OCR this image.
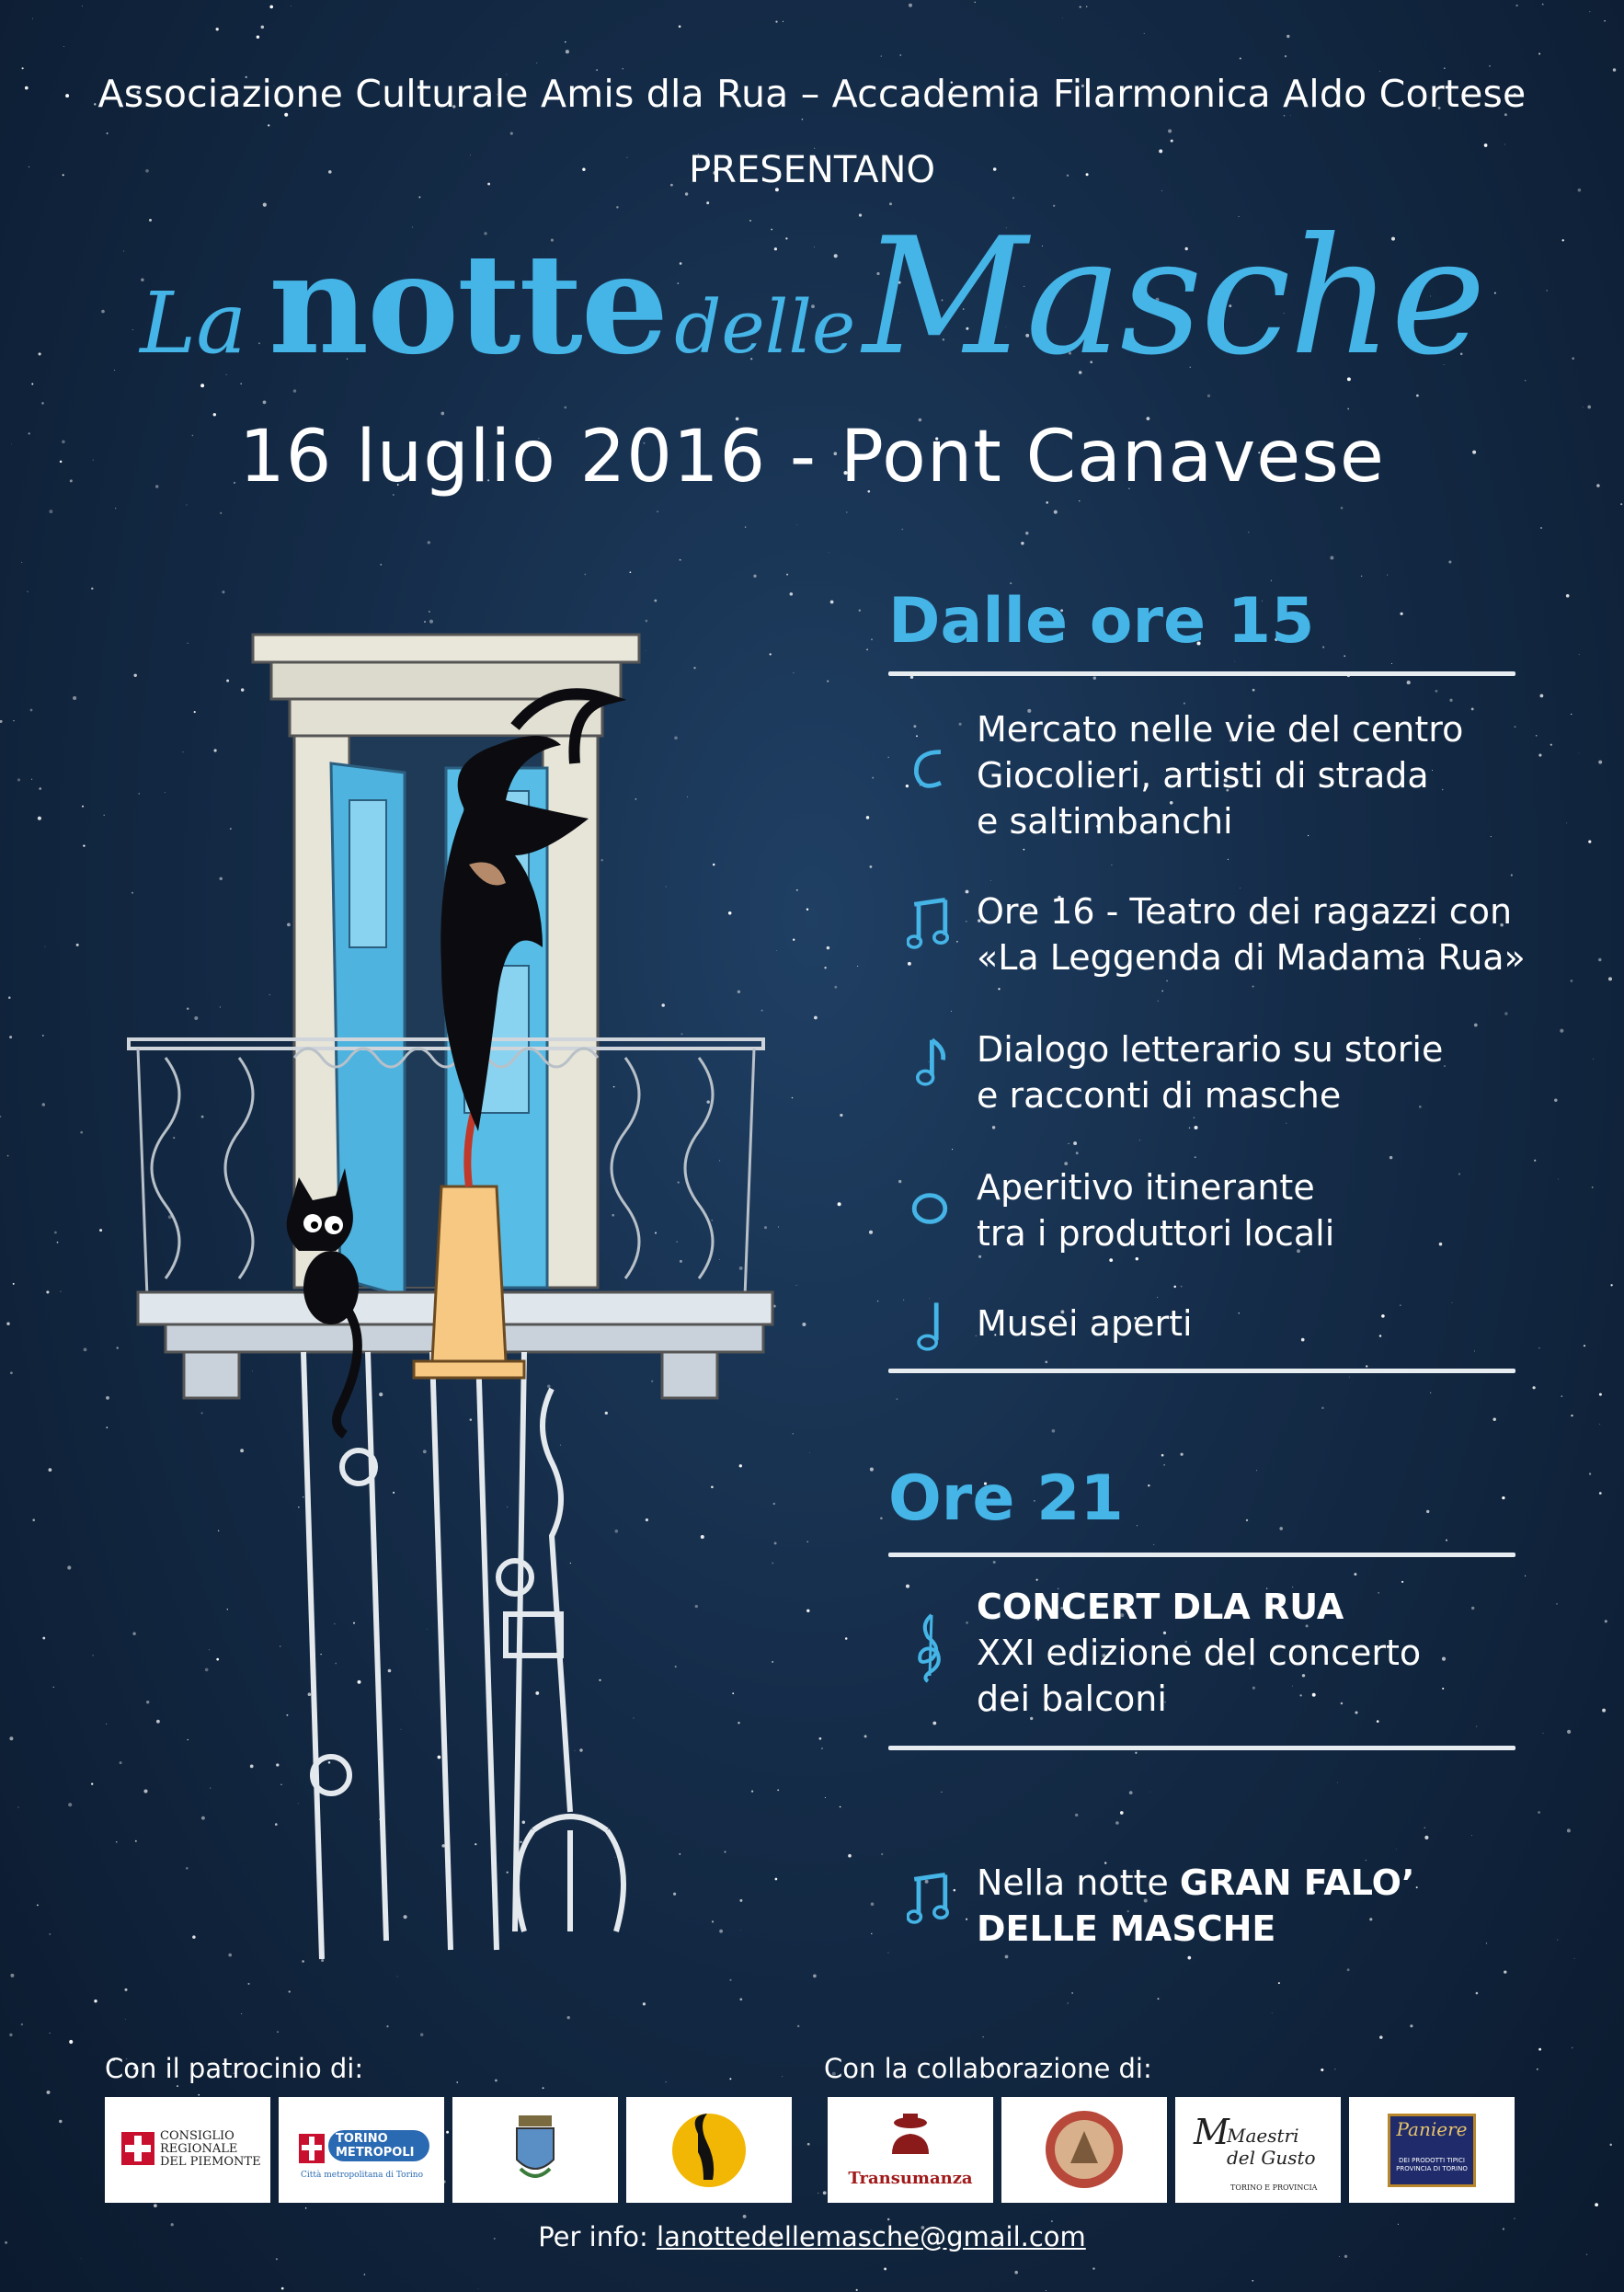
Associazione Culturale Amis dla Rua – Accademia Filarmonica Aldo Cortese
PRESENTANO
La notte delleMasche
16 luglio 2016 - Pont Canavese
Dalle ore 15
Mercato nelle vie del centro
Giocolieri, artisti di strada
e saltimbanchi
Ore 16 - Teatro dei ragazzi con
«La Leggenda di Madama Rua»
Dialogo letterario su storie
e racconti di masche
Aperitivo itinerante
tra i produttori locali
Musei aperti
Ore 21
CONCERT DLA RUA
XXI edizione del concerto
dei balconi
Nella notte GRAN FALO’
DELLE MASCHE
Con il patrocinio di:	Con la collaborazione di:
CONSIGLIO
REGIONALE
DEL PIEMONTE
TORINO
METROPOLI
Città metropolitana di Torino	Transumanza
M
Maestri del Gusto
TORINO E PROVINCIA
Paniere
DEI PRODOTTI TIPICI PROVINCIA DI TORINO
Per info: lanottedellemasche@gmail.com
